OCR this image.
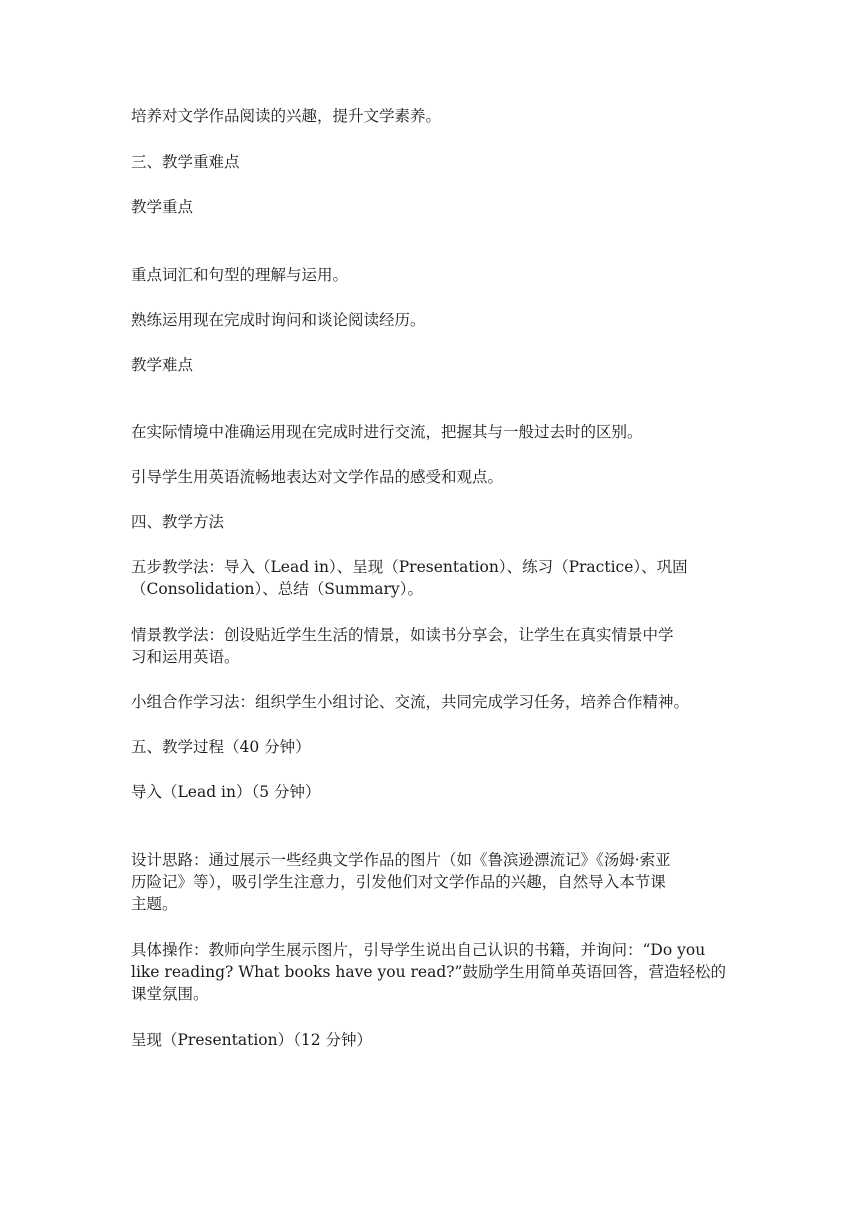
培养对文学作品阅读的兴趣，提升文学素养。

三、教学重难点

教学重点

重点词汇和句型的理解与运用。

熟练运用现在完成时询问和谈论阅读经历。

教学难点

在实际情境中准确运用现在完成时进行交流，把握其与一般过去时的区别。

引导学生用英语流畅地表达对文学作品的感受和观点。

四、教学方法

五步教学法：导入（Lead in）、呈现（Presentation）、练习（Practice）、巩固
（Consolidation）、总结（Summary）。

情景教学法：创设贴近学生生活的情景，如读书分享会，让学生在真实情景中学
习和运用英语。

小组合作学习法：组织学生小组讨论、交流，共同完成学习任务，培养合作精神。

五、教学过程（40 分钟）

导入（Lead in）（5 分钟）

设计思路：通过展示一些经典文学作品的图片（如《鲁滨逊漂流记》《汤姆·索亚
历险记》等），吸引学生注意力，引发他们对文学作品的兴趣，自然导入本节课
主题。

具体操作：教师向学生展示图片，引导学生说出自己认识的书籍，并询问：“Do you
like reading? What books have you read?”鼓励学生用简单英语回答，营造轻松的
课堂氛围。

呈现（Presentation）（12 分钟）
